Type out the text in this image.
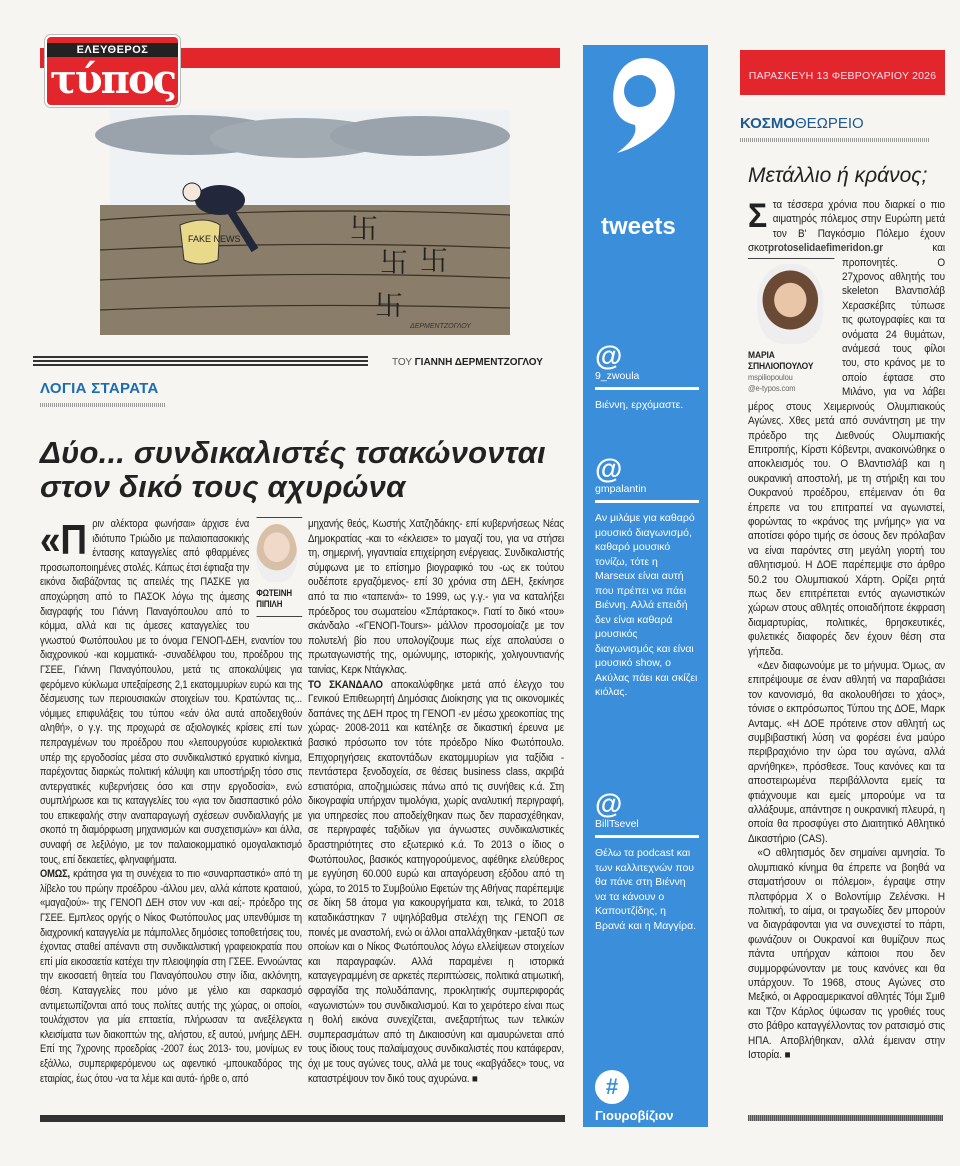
ΕΛΕΥΘΕΡΟΣ
τύπος
FAKE NEWS	卐
卐 卐
卐
ΔΕΡΜΕΝΤΖΟΓΛΟΥ
ΤΟΥ ΓΙΑΝΝΗ ΔΕΡΜΕΝΤΖΟΓΛΟΥ
ΛΟΓΙΑ ΣΤΑΡΑΤΑ
Δύο... συνδικαλιστές τσακώνονται
στον δικό τους αχυρώνα
ΦΩΤΕΙΝΗ ΠΙΠΙΛΗ

«Πριν αλέκτορα φωνήσαι» άρχισε ένα ιδιότυπο Τριώδιο με παλαιοπασοκικής έντασης καταγγελίες από φθαρμένες προσωποποιημένες στολές. Κάπως έτσι έφτιαξα την εικόνα διαβάζοντας τις απειλές της ΠΑΣΚΕ για αποχώρηση από το ΠΑΣΟΚ λόγω της άμεσης διαγραφής του Γιάννη Παναγόπουλου από το κόμμα, αλλά και τις άμεσες καταγγελίες του γνωστού Φωτόπουλου με το όνομα ΓΕΝΟΠ-ΔΕΗ, εναντίον του διαχρονικού -και κομματικά- -συναδέλφου του, προέδρου της ΓΣΕΕ, Γιάννη Παναγόπουλου, μετά τις αποκαλύψεις για φερόμενο κύκλωμα υπεξαίρεσης 2,1 εκατομμυρίων ευρώ και της δέσμευσης των περιουσιακών στοιχείων του. Κρατώντας τις... νόμιμες επιφυλάξεις του τύπου «εάν όλα αυτά αποδειχθούν αληθή», ο γ.γ. της προχωρά σε αξιολογικές κρίσεις επί των πεπραγμένων του προέδρου που «λειτουργούσε κυριολεκτικά υπέρ της εργοδοσίας μέσα στο συνδικαλιστικό εργατικό κίνημα, παρέχοντας διαρκώς πολιτική κάλυψη και υποστήριξη τόσο στις αντεργατικές κυβερνήσεις όσο και στην εργοδοσία», ενώ συμπλήρωσε και τις καταγγελίες του «για τον διασπαστικό ρόλο του επικεφαλής στην αναπαραγωγή σχέσεων συνδιαλλαγής με σκοπό τη διαμόρφωση μηχανισμών και συσχετισμών» και άλλα, συναφή σε λεξιλόγιο, με τον παλαιοκομματικό ομογαλακτισμό τους, επί δεκαετίες, φληναφήματα.

ΟΜΩΣ, κράτησα για τη συνέχεια το πιο «συναρπαστικό» από τη λίβελο του πρώην προέδρου -άλλου μεν, αλλά κάποτε κραταιού, «μαγαζιού»- της ΓΕΝΟΠ ΔΕΗ στον νυν -και αεί;- πρόεδρο της ΓΣΕΕ. Εμπλεος οργής ο Νίκος Φωτόπουλος μας υπενθύμισε τη διαχρονική καταγγελία με πάμπολλες δημόσιες τοποθετήσεις του, έχοντας σταθεί απέναντι στη συνδικαλιστική γραφειοκρατία που επί μία εικοσαετία κατέχει την πλειοψηφία στη ΓΣΕΕ. Εννοώντας την εικοσαετή θητεία του Παναγόπουλου στην ίδια, ακλόνητη, θέση. Καταγγελίες που μόνο με γέλιο και σαρκασμό αντιμετωπίζονται από τους πολίτες αυτής της χώρας, οι οποίοι, τουλάχιστον για μία επταετία, πλήρωσαν τα ανεξέλεγκτα κλεισίματα των διακοπτών της, αλήστου, εξ αυτού, μνήμης ΔΕΗ. Επί της 7χρονης προεδρίας -2007 έως 2013- του, μονίμως εν εξάλλω, συμπεριφερόμενου ως αφεντικό -μπουκαδόρος της εταιρίας, έως ότου -να τα λέμε και αυτά- ήρθε ο, από

μηχανής θεός, Κωστής Χατζηδάκης- επί κυβερνήσεως Νέας Δημοκρατίας -και το «έκλεισε» το μαγαζί του, για να στήσει τη, σημερινή, γιγαντιαία επιχείρηση ενέργειας. Συνδικαλιστής σύμφωνα με το επίσημο βιογραφικό του -ως εκ τούτου ουδέποτε εργαζόμενος- επί 30 χρόνια στη ΔΕΗ, ξεκίνησε από τα πιο «ταπεινά»- το 1999, ως γ.γ.- για να καταλήξει πρόεδρος του σωματείου «Σπάρτακος». Γιατί το δικό «του» σκάνδαλο -«ΓΕΝΟΠ-Tours»- μάλλον προσομοίαζε με τον πολυτελή βίο που υπολογίζουμε πως είχε απολαύσει ο πρωταγωνιστής της, ομώνυμης, ιστορικής, χολιγουντιανής ταινίας, Κερκ Ντάγκλας.

ΤΟ ΣΚΑΝΔΑΛΟ αποκαλύφθηκε μετά από έλεγχο του Γενικού Επιθεωρητή Δημόσιας Διοίκησης για τις οικονομικές δαπάνες της ΔΕΗ προς τη ΓΕΝΟΠ -εν μέσω χρεοκοπίας της χώρας- 2008-2011 και κατέληξε σε δικαστική έρευνα με βασικό πρόσωπο τον τότε πρόεδρο Νίκο Φωτόπουλο. Επιχορηγήσεις εκατοντάδων εκατομμυρίων για ταξίδια - πεντάστερα ξενοδοχεία, σε θέσεις business class, ακριβά εστιατόρια, αποζημιώσεις πάνω από τις συνήθεις κ.ά. Στη δικογραφία υπήρχαν τιμολόγια, χωρίς αναλυτική περιγραφή, για υπηρεσίες που αποδείχθηκαν πως δεν παρασχέθηκαν, σε περιγραφές ταξιδίων για άγνωστες συνδικαλιστικές δραστηριότητες στο εξωτερικό κ.ά. Το 2013 ο ίδιος ο Φωτόπουλος, βασικός κατηγορούμενος, αφέθηκε ελεύθερος με εγγύηση 60.000 ευρώ και απαγόρευση εξόδου από τη χώρα, το 2015 το Συμβούλιο Εφετών της Αθήνας παρέπεμψε σε δίκη 58 άτομα για κακουργήματα και, τελικά, το 2018 καταδικάστηκαν 7 υψηλόβαθμα στελέχη της ΓΕΝΟΠ σε ποινές με αναστολή, ενώ οι άλλοι απαλλάχθηκαν -μεταξύ των οποίων και ο Νίκος Φωτόπουλος λόγω ελλείψεων στοιχείων και παραγραφών. Αλλά παραμένει η ιστορικά καταγεγραμμένη σε αρκετές περιπτώσεις, πολιτικά ατιμωτική, σφραγίδα της πολυδάπανης, προκλητικής συμπεριφοράς «αγωνιστών» του συνδικαλισμού. Και το χειρότερο είναι πως η θολή εικόνα συνεχίζεται, ανεξαρτήτως των τελικών συμπερασμάτων από τη Δικαιοσύνη και αμαυρώνεται από τους ίδιους τους παλαίμαχους συνδικαλιστές που κατάφεραν, όχι με τους αγώνες τους, αλλά με τους «καβγάδες» τους, να καταστρέψουν τον δικό τους αχυρώνα. ■

tweets
@
9_zwoula
Βιέννη, ερχόμαστε.
@
gmpalantin
Αν μιλάμε για καθαρό μουσικό διαγωνισμό, καθαρό μουσικό τονίζω, τότε η Marseux είναι αυτή που πρέπει να πάει Βιέννη. Αλλά επειδή δεν είναι καθαρά μουσικός διαγωνισμός και είναι μουσικό show, ο Ακύλας πάει και σκίζει κιόλας.
@
BillTsevel
Θέλω τα podcast και των καλλιτεχνών που θα πάνε στη Βιέννη να τα κάνουν ο Καπουτζίδης, η Βρανά και η Μαγγίρα.
#
Γιουροβίζιον
ΠΑΡΑΣΚΕΥΗ 13 ΦΕΒΡΟΥΑΡΙΟΥ 2026
ΚΟΣΜΟΘΕΩΡΕΙΟ
Μετάλλιο ή κράνος;

Στα τέσσερα χρόνια που διαρκεί ο πιο αιματηρός πόλεμος στην Ευρώπη μετά τον Β' Παγκόσμιο Πόλεμο έχουν σκοτprotoselidaefimeridon.gr
ΜΑΡΙΑ ΣΠΗΛΙΟΠΟΥΛΟΥ
mspiliopoulou
@e-typos.com
και προπονητές. Ο 27χρονος αθλητής του skeleton Βλαντισλάβ Χερασκέβιτς τύπωσε τις φωτογραφίες και τα ονόματα 24 θυμάτων, ανάμεσά τους φίλοι του, στο κράνος με το οποίο έφτασε στο Μιλάνο, για να λάβει μέρος στους Χειμερινούς Ολυμπιακούς Αγώνες. Χθες μετά από συνάντηση με την πρόεδρο της Διεθνούς Ολυμπιακής Επιτροπής, Κίρστι Κόβεντρι, ανακοινώθηκε ο αποκλεισμός του. Ο Βλαντισλάβ και η ουκρανική αποστολή, με τη στήριξη και του Ουκρανού προέδρου, επέμειναν ότι θα έπρεπε να του επιτραπεί να αγωνιστεί, φορώντας το «κράνος της μνήμης» για να αποτίσει φόρο τιμής σε όσους δεν πρόλαβαν να είναι παρόντες στη μεγάλη γιορτή του αθλητισμού. Η ΔΟΕ παρέπεμψε στο άρθρο 50.2 του Ολυμπιακού Χάρτη. Ορίζει ρητά πως δεν επιτρέπεται εντός αγωνιστικών χώρων στους αθλητές οποιαδήποτε έκφραση διαμαρτυρίας, πολιτικές, θρησκευτικές, φυλετικές διαφορές δεν έχουν θέση στα γήπεδα.

«Δεν διαφωνούμε με το μήνυμα. Όμως, αν επιτρέψουμε σε έναν αθλητή να παραβιάσει τον κανονισμό, θα ακολουθήσει το χάος», τόνισε ο εκπρόσωπος Τύπου της ΔΟΕ, Μαρκ Ανταμς. «Η ΔΟΕ πρότεινε στον αθλητή ως συμβιβαστική λύση να φορέσει ένα μαύρο περιβραχιόνιο την ώρα του αγώνα, αλλά αρνήθηκε», πρόσθεσε. Τους κανόνες και τα αποστειρωμένα περιβάλλοντα εμείς τα φτιάχνουμε και εμείς μπορούμε να τα αλλάξουμε, απάντησε η ουκρανική πλευρά, η οποία θα προσφύγει στο Διαιτητικό Αθλητικό Δικαστήριο (CAS).

«Ο αθλητισμός δεν σημαίνει αμνησία. Το ολυμπιακό κίνημα θα έπρεπε να βοηθά να σταματήσουν οι πόλεμοι», έγραψε στην πλατφόρμα Χ ο Βολοντίμιρ Ζελένσκι. Η πολιτική, το αίμα, οι τραγωδίες δεν μπορούν να διαγράφονται για να συνεχιστεί το πάρτι, φωνάζουν οι Ουκρανοί και θυμίζουν πως πάντα υπήρχαν κάποιοι που δεν συμμορφώνονταν με τους κανόνες και θα υπάρχουν. Το 1968, στους Αγώνες στο Μεξικό, οι Αφροαμερικανοί αθλητές Τόμι Σμιθ και Τζον Κάρλος ύψωσαν τις γροθιές τους στο βάθρο καταγγέλλοντας τον ρατσισμό στις ΗΠΑ. Αποβλήθηκαν, αλλά έμειναν στην Ιστορία. ■
